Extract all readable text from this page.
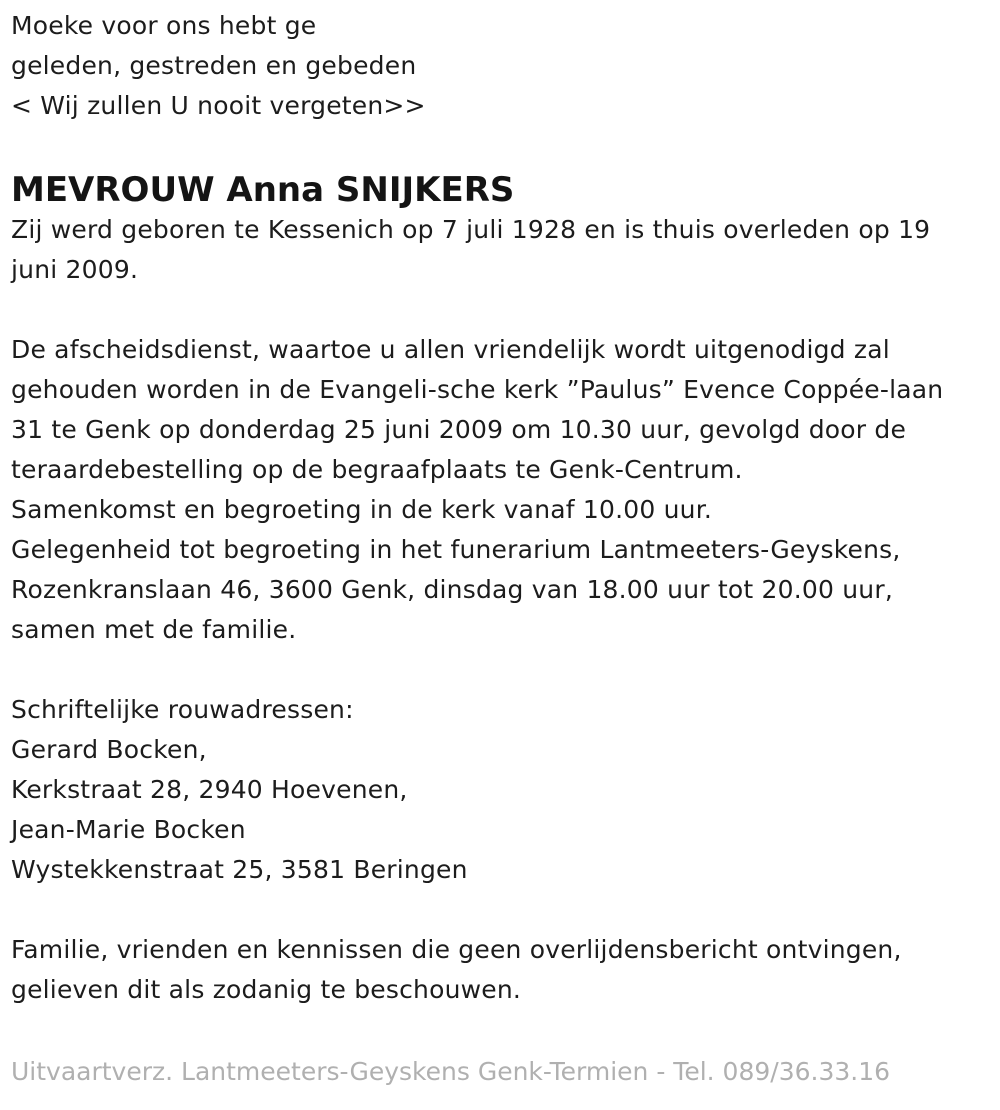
Moeke voor ons hebt ge
geleden, gestreden en gebeden
< Wij zullen U nooit vergeten>>
MEVROUW Anna SNIJKERS
Zij werd geboren te Kessenich op 7 juli 1928 en is thuis overleden op 19
juni 2009.
De afscheidsdienst, waartoe u allen vriendelijk wordt uitgenodigd zal
gehouden worden in de Evangeli-sche kerk ”Paulus” Evence Coppée-laan
31 te Genk op donderdag 25 juni 2009 om 10.30 uur, gevolgd door de
teraardebestelling op de begraafplaats te Genk-Centrum.
Samenkomst en begroeting in de kerk vanaf 10.00 uur.
Gelegenheid tot begroeting in het funerarium Lantmeeters-Geyskens,
Rozenkranslaan 46, 3600 Genk, dinsdag van 18.00 uur tot 20.00 uur,
samen met de familie.
Schriftelijke rouwadressen:
Gerard Bocken,
Kerkstraat 28, 2940 Hoevenen,
Jean-Marie Bocken
Wystekkenstraat 25, 3581 Beringen
Familie, vrienden en kennissen die geen overlijdensbericht ontvingen,
gelieven dit als zodanig te beschouwen.
Uitvaartverz. Lantmeeters-Geyskens Genk-Termien - Tel. 089/36.33.16
